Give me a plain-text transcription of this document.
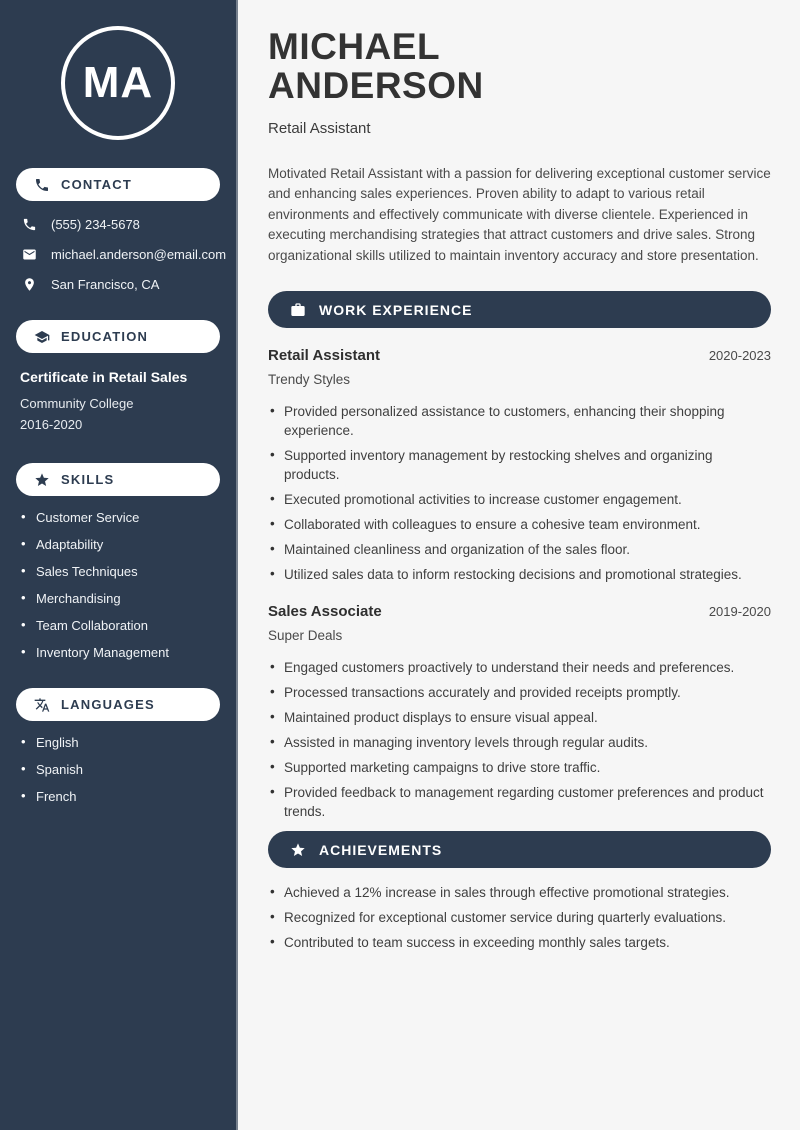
MA
CONTACT
(555) 234-5678
michael.anderson@email.com
San Francisco, CA
EDUCATION
Certificate in Retail Sales
Community College
2016-2020
SKILLS
• Customer Service
• Adaptability
• Sales Techniques
• Merchandising
• Team Collaboration
• Inventory Management
LANGUAGES
• English
• Spanish
• French
MICHAEL
ANDERSON
Retail Assistant

Motivated Retail Assistant with a passion for delivering exceptional customer service and enhancing sales experiences. Proven ability to adapt to various retail environments and effectively communicate with diverse clientele. Experienced in executing merchandising strategies that attract customers and drive sales. Strong organizational skills utilized to maintain inventory accuracy and store presentation.

WORK EXPERIENCE
Retail Assistant	2020-2023
Trendy Styles
• Provided personalized assistance to customers, enhancing their shopping experience.
• Supported inventory management by restocking shelves and organizing products.
• Executed promotional activities to increase customer engagement.
• Collaborated with colleagues to ensure a cohesive team environment.
• Maintained cleanliness and organization of the sales floor.
• Utilized sales data to inform restocking decisions and promotional strategies.
Sales Associate	2019-2020
Super Deals
• Engaged customers proactively to understand their needs and preferences.
• Processed transactions accurately and provided receipts promptly.
• Maintained product displays to ensure visual appeal.
• Assisted in managing inventory levels through regular audits.
• Supported marketing campaigns to drive store traffic.
• Provided feedback to management regarding customer preferences and product trends.
ACHIEVEMENTS
• Achieved a 12% increase in sales through effective promotional strategies.
• Recognized for exceptional customer service during quarterly evaluations.
• Contributed to team success in exceeding monthly sales targets.
